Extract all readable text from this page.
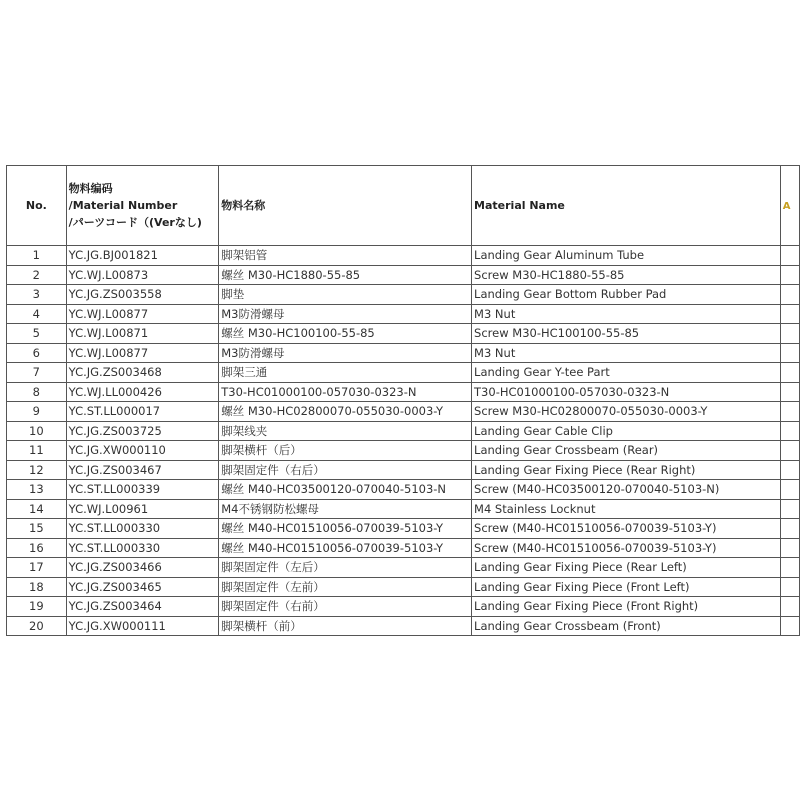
No.	物料编码
/Material Number
/パーツコード（(Verなし)	物料名称	Material Name	A
1	YC.JG.BJ001821	脚架铝管	Landing Gear Aluminum Tube	
2	YC.WJ.L00873	螺丝 M30-HC1880-55-85	Screw M30-HC1880-55-85	
3	YC.JG.ZS003558	脚垫	Landing Gear Bottom Rubber Pad	
4	YC.WJ.L00877	M3防滑螺母	M3 Nut	
5	YC.WJ.L00871	螺丝 M30-HC100100-55-85	Screw M30-HC100100-55-85	
6	YC.WJ.L00877	M3防滑螺母	M3 Nut	
7	YC.JG.ZS003468	脚架三通	Landing Gear Y-tee Part	
8	YC.WJ.LL000426	T30-HC01000100-057030-0323-N	T30-HC01000100-057030-0323-N	
9	YC.ST.LL000017	螺丝 M30-HC02800070-055030-0003-Y	Screw M30-HC02800070-055030-0003-Y	
10	YC.JG.ZS003725	脚架线夹	Landing Gear Cable Clip	
11	YC.JG.XW000110	脚架横杆（后）	Landing Gear Crossbeam (Rear)	
12	YC.JG.ZS003467	脚架固定件（右后）	Landing Gear Fixing Piece (Rear Right)	
13	YC.ST.LL000339	螺丝 M40-HC03500120-070040-5103-N	Screw (M40-HC03500120-070040-5103-N)	
14	YC.WJ.L00961	M4不锈钢防松螺母	M4 Stainless Locknut	
15	YC.ST.LL000330	螺丝 M40-HC01510056-070039-5103-Y	Screw (M40-HC01510056-070039-5103-Y)	
16	YC.ST.LL000330	螺丝 M40-HC01510056-070039-5103-Y	Screw (M40-HC01510056-070039-5103-Y)	
17	YC.JG.ZS003466	脚架固定件（左后）	Landing Gear Fixing Piece (Rear Left)	
18	YC.JG.ZS003465	脚架固定件（左前）	Landing Gear Fixing Piece (Front Left)	
19	YC.JG.ZS003464	脚架固定件（右前）	Landing Gear Fixing Piece (Front Right)	
20	YC.JG.XW000111	脚架横杆（前）	Landing Gear Crossbeam (Front)	
